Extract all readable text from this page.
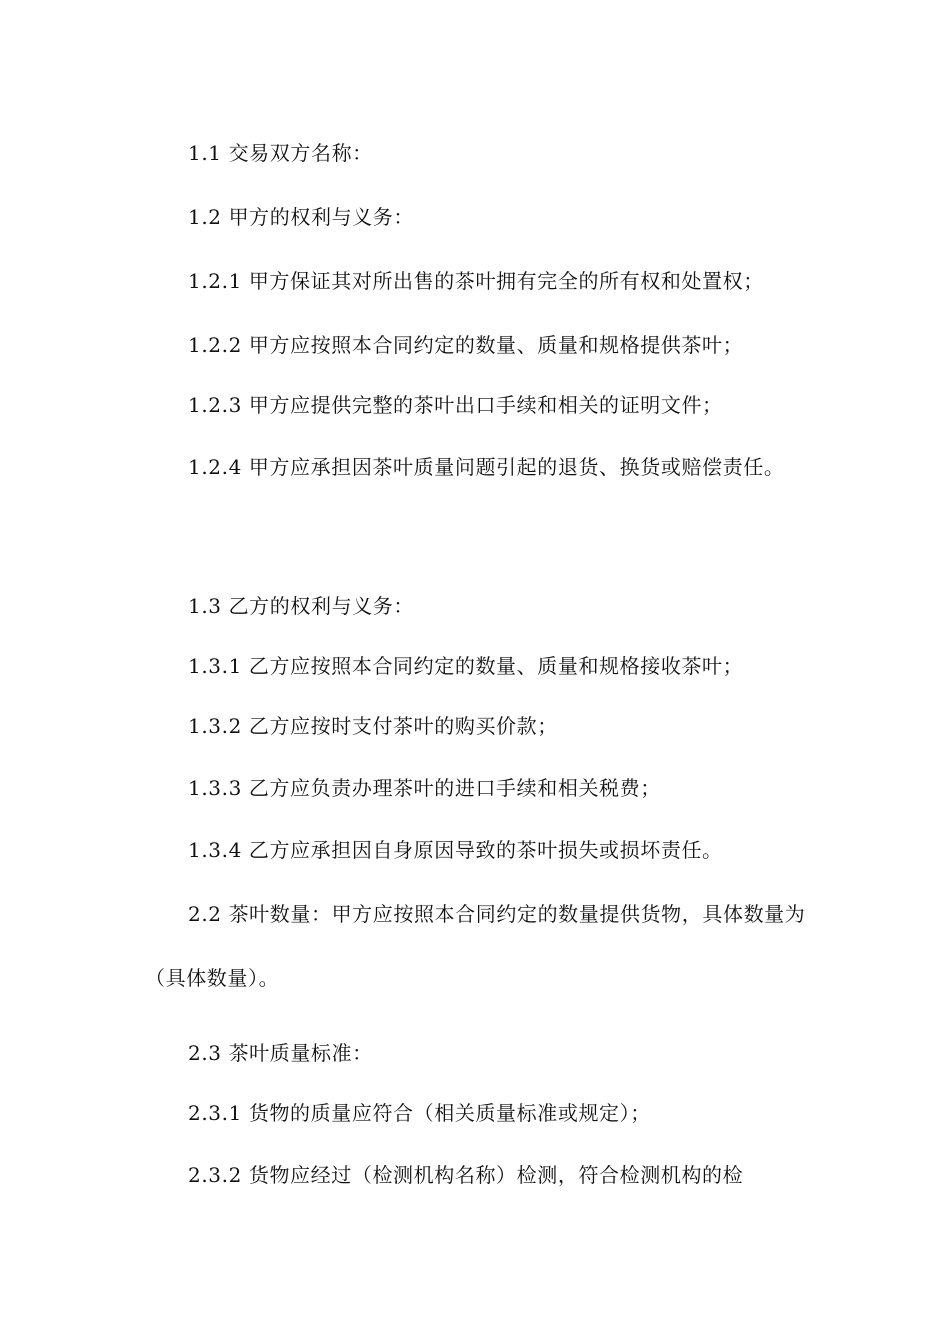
1.1 交易双方名称：

1.2 甲方的权利与义务：

1.2.1 甲方保证其对所出售的茶叶拥有完全的所有权和处置权；

1.2.2 甲方应按照本合同约定的数量、质量和规格提供茶叶；

1.2.3 甲方应提供完整的茶叶出口手续和相关的证明文件；

1.2.4 甲方应承担因茶叶质量问题引起的退货、换货或赔偿责任。

1.3 乙方的权利与义务：

1.3.1 乙方应按照本合同约定的数量、质量和规格接收茶叶；

1.3.2 乙方应按时支付茶叶的购买价款；

1.3.3 乙方应负责办理茶叶的进口手续和相关税费；

1.3.4 乙方应承担因自身原因导致的茶叶损失或损坏责任。

2.2 茶叶数量：甲方应按照本合同约定的数量提供货物，具体数量为（具体数量）。

2.3 茶叶质量标准：

2.3.1 货物的质量应符合（相关质量标准或规定）；

2.3.2 货物应经过（检测机构名称）检测，符合检测机构的检
